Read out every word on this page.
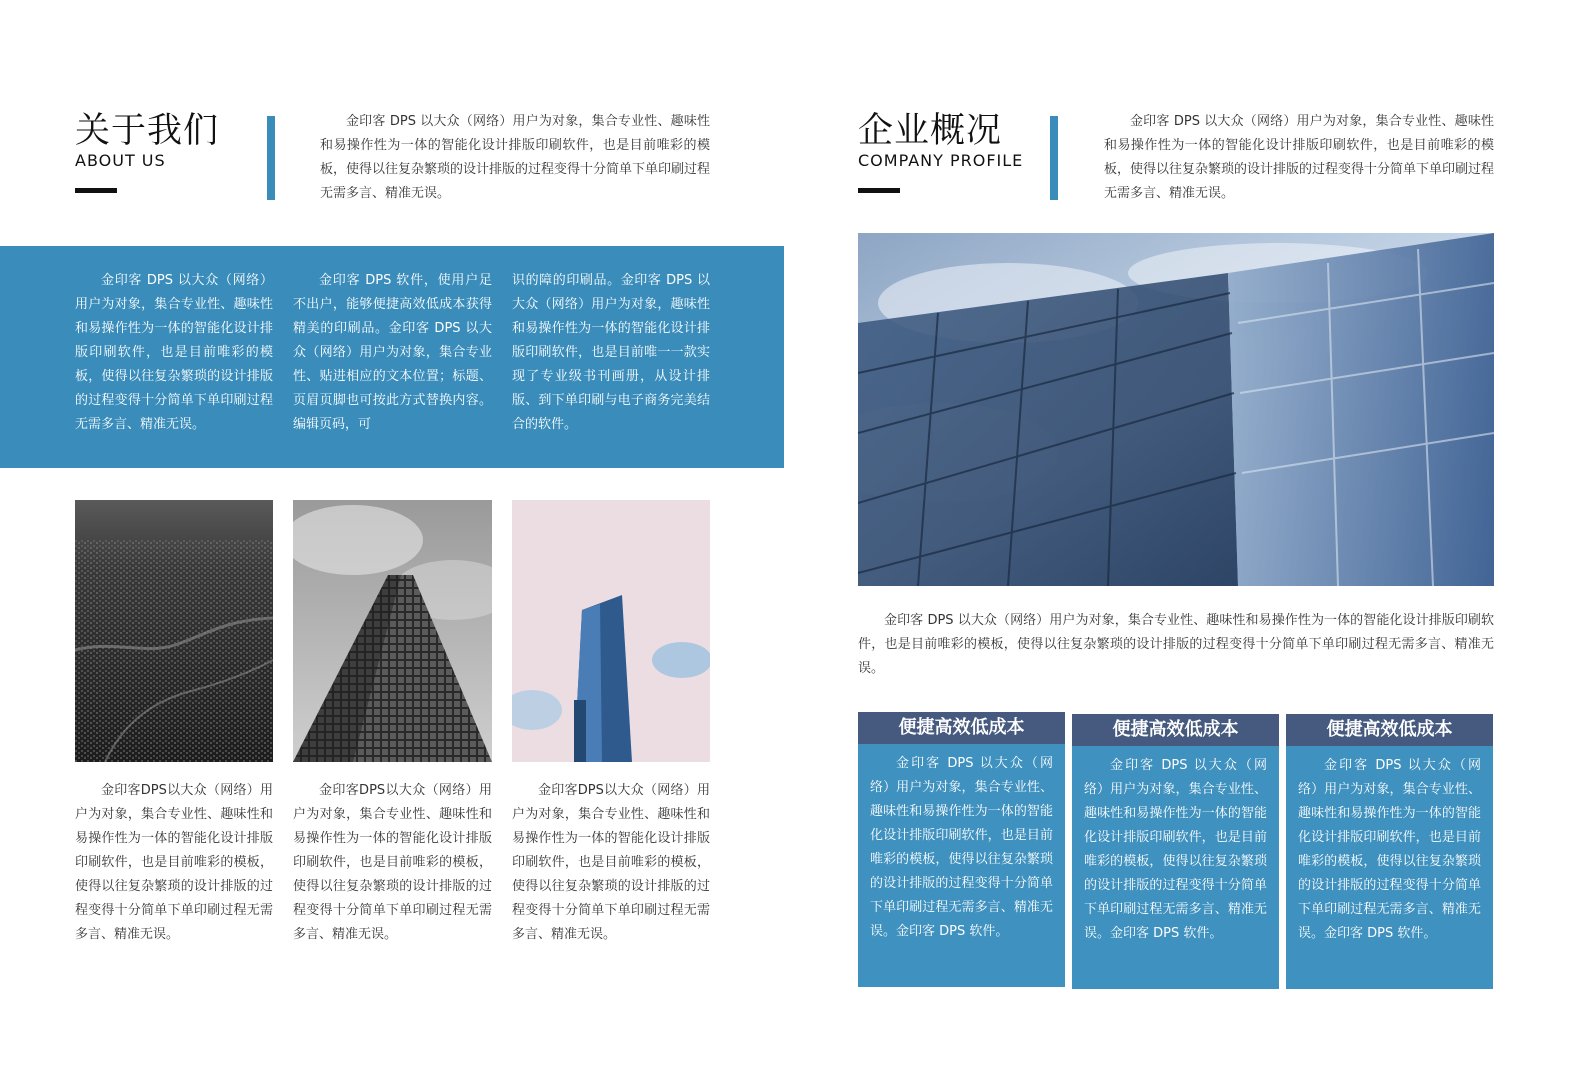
关于我们
ABOUT US
金印客 DPS 以大众（网络）用户为对象，集合专业性、趣味性和易操作性为一体的智能化设计排版印刷软件，也是目前唯彩的模板，使得以往复杂繁琐的设计排版的过程变得十分简单下单印刷过程无需多言、精准无误。
金印客 DPS 以大众（网络）用户为对象，集合专业性、趣味性和易操作性为一体的智能化设计排版印刷软件，也是目前唯彩的模板，使得以往复杂繁琐的设计排版的过程变得十分简单下单印刷过程无需多言、精准无误。
金印客 DPS 软件，使用户足不出户，能够便捷高效低成本获得精美的印刷品。金印客 DPS 以大众（网络）用户为对象，集合专业性、贴进相应的文本位置；标题、页眉页脚也可按此方式替换内容。编辑页码，可
识的障的印刷品。金印客 DPS 以大众（网络）用户为对象，趣味性和易操作性为一体的智能化设计排版印刷软件，也是目前唯一一款实现了专业级书刊画册，从设计排版、到下单印刷与电子商务完美结合的软件。
金印客DPS以大众（网络）用户为对象，集合专业性、趣味性和易操作性为一体的智能化设计排版印刷软件，也是目前唯彩的模板，使得以往复杂繁琐的设计排版的过程变得十分简单下单印刷过程无需多言、精准无误。
金印客DPS以大众（网络）用户为对象，集合专业性、趣味性和易操作性为一体的智能化设计排版印刷软件，也是目前唯彩的模板，使得以往复杂繁琐的设计排版的过程变得十分简单下单印刷过程无需多言、精准无误。
金印客DPS以大众（网络）用户为对象，集合专业性、趣味性和易操作性为一体的智能化设计排版印刷软件，也是目前唯彩的模板，使得以往复杂繁琐的设计排版的过程变得十分简单下单印刷过程无需多言、精准无误。
企业概况
COMPANY PROFILE
金印客 DPS 以大众（网络）用户为对象，集合专业性、趣味性和易操作性为一体的智能化设计排版印刷软件，也是目前唯彩的模板，使得以往复杂繁琐的设计排版的过程变得十分简单下单印刷过程无需多言、精准无误。
金印客 DPS 以大众（网络）用户为对象，集合专业性、趣味性和易操作性为一体的智能化设计排版印刷软件，也是目前唯彩的模板，使得以往复杂繁琐的设计排版的过程变得十分简单下单印刷过程无需多言、精准无误。
便捷高效低成本
金印客 DPS 以大众（网络）用户为对象，集合专业性、趣味性和易操作性为一体的智能化设计排版印刷软件，也是目前唯彩的模板，使得以往复杂繁琐的设计排版的过程变得十分简单下单印刷过程无需多言、精准无误。金印客 DPS 软件。
便捷高效低成本
金印客 DPS 以大众（网络）用户为对象，集合专业性、趣味性和易操作性为一体的智能化设计排版印刷软件，也是目前唯彩的模板，使得以往复杂繁琐的设计排版的过程变得十分简单下单印刷过程无需多言、精准无误。金印客 DPS 软件。
便捷高效低成本
金印客 DPS 以大众（网络）用户为对象，集合专业性、趣味性和易操作性为一体的智能化设计排版印刷软件，也是目前唯彩的模板，使得以往复杂繁琐的设计排版的过程变得十分简单下单印刷过程无需多言、精准无误。金印客 DPS 软件。
